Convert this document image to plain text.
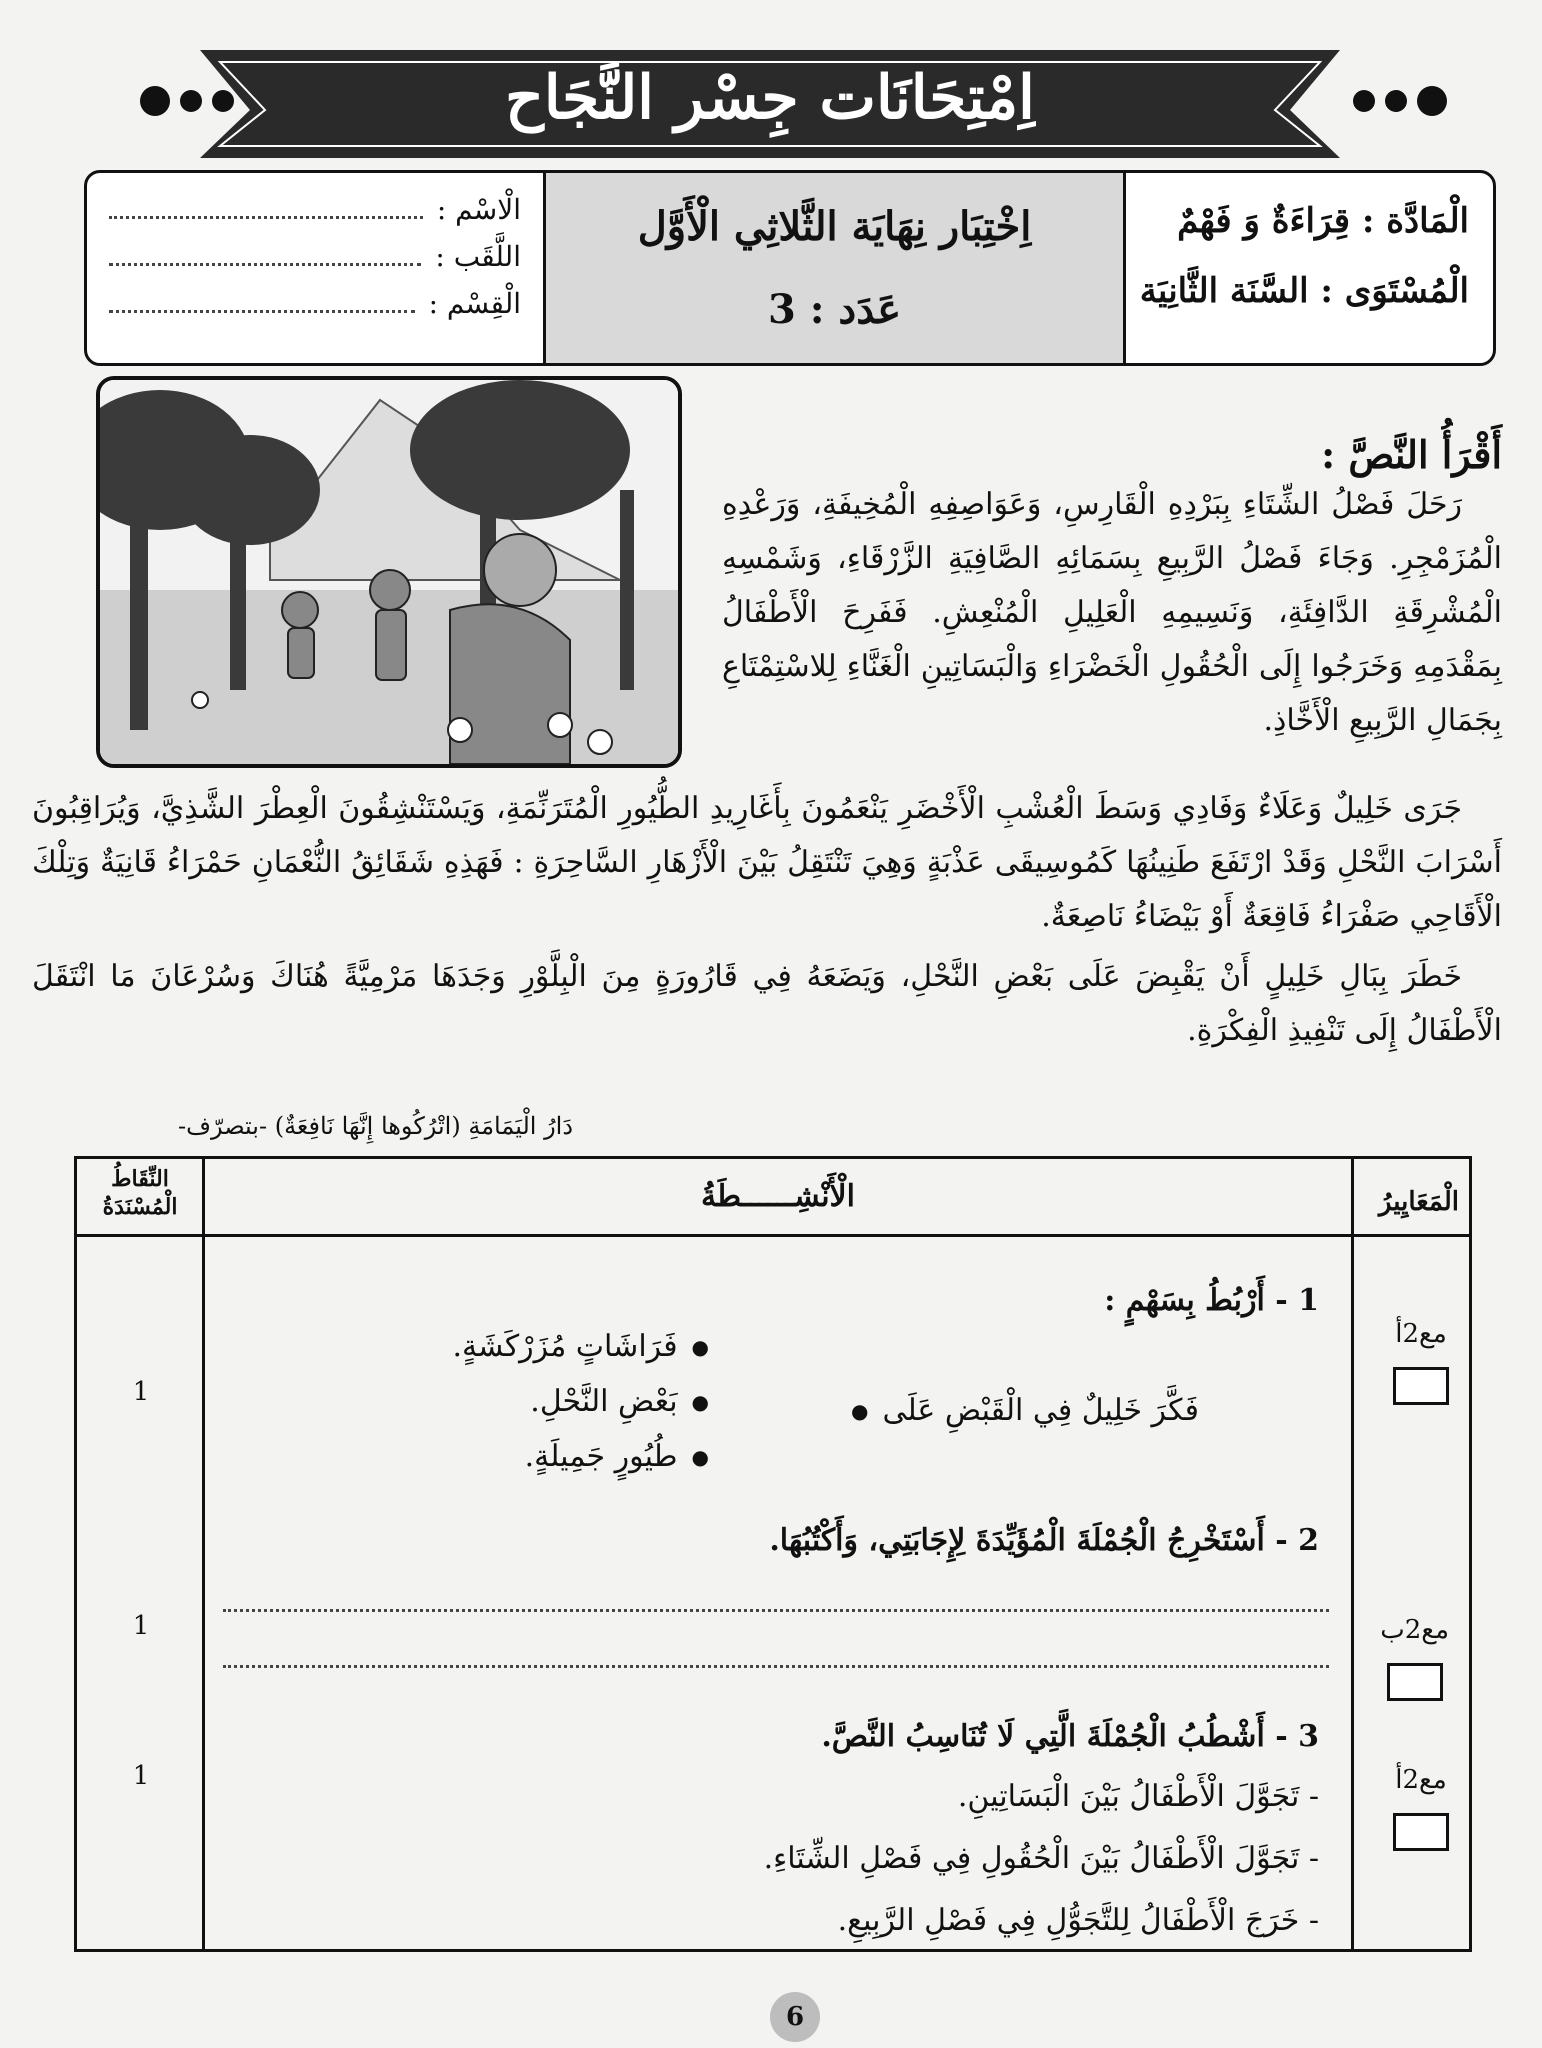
اِمْتِحَانَات جِسْر النَّجَاح
الْمَادَّة : قِرَاءَةٌ وَ فَهْمٌ
الْمُسْتَوَى : السَّنَة الثَّانِيَة
اِخْتِبَار نِهَايَة الثَّلاثِي الْأَوَّل
عَدَد : 3
الْاسْم :
اللَّقَب :
الْقِسْم :
أَقْرَأُ النَّصَّ :

رَحَلَ فَصْلُ الشِّتَاءِ بِبَرْدِهِ الْقَارِسِ، وَعَوَاصِفِهِ الْمُخِيفَةِ، وَرَعْدِهِ الْمُزَمْجِرِ. وَجَاءَ فَصْلُ الرَّبِيعِ بِسَمَائِهِ الصَّافِيَةِ الزَّرْقَاءِ، وَشَمْسِهِ الْمُشْرِقَةِ الدَّافِئَةِ، وَنَسِيمِهِ الْعَلِيلِ الْمُنْعِشِ. فَفَرِحَ الْأَطْفَالُ بِمَقْدَمِهِ وَخَرَجُوا إِلَى الْحُقُولِ الْخَضْرَاءِ وَالْبَسَاتِينِ الْغَنَّاءِ لِلاسْتِمْتَاعِ بِجَمَالِ الرَّبِيعِ الْأَخَّاذِ.

جَرَى خَلِيلٌ وَعَلَاءٌ وَفَادِي وَسَطَ الْعُشْبِ الْأَخْضَرِ يَنْعَمُونَ بِأَغَارِيدِ الطُّيُورِ الْمُتَرَنِّمَةِ، وَيَسْتَنْشِقُونَ الْعِطْرَ الشَّذِيَّ، وَيُرَاقِبُونَ أَسْرَابَ النَّحْلِ وَقَدْ ارْتَفَعَ طَنِينُهَا كَمُوسِيقَى عَذْبَةٍ وَهِيَ تَنْتَقِلُ بَيْنَ الْأَزْهَارِ السَّاحِرَةِ : فَهَذِهِ شَقَائِقُ النُّعْمَانِ حَمْرَاءُ قَانِيَةٌ وَتِلْكَ الْأَقَاحِي صَفْرَاءُ فَاقِعَةٌ أَوْ بَيْضَاءُ نَاصِعَةٌ.

خَطَرَ بِبَالِ خَلِيلٍ أَنْ يَقْبِضَ عَلَى بَعْضِ النَّحْلِ، وَيَضَعَهُ فِي قَارُورَةٍ مِنَ الْبِلَّوْرِ وَجَدَهَا مَرْمِيَّةً هُنَاكَ وَسُرْعَانَ مَا انْتَقَلَ الْأَطْفَالُ إِلَى تَنْفِيذِ الْفِكْرَةِ.

دَارُ الْيَمَامَةِ (اتْرُكُوها إِنَّهَا نَافِعَةٌ) -بتصرّف-
الْمَعَايِيرُ
الْأَنْشِــــــطَةُ
النِّقَاطُ الْمُسْنَدَةُ
مع2أ
1
1 - أَرْبُطُ بِسَهْمٍ :
فَكَّرَ خَلِيلٌ فِي الْقَبْضِ عَلَى ●
● فَرَاشَاتٍ مُزَرْكَشَةٍ.
● بَعْضِ النَّحْلِ.
● طُيُورٍ جَمِيلَةٍ.
2 - أَسْتَخْرِجُ الْجُمْلَةَ الْمُؤَيِّدَةَ لِإِجَابَتِي، وَأَكْتُبُهَا.
مع2ب
1
3 - أَشْطُبُ الْجُمْلَةَ الَّتِي لَا تُنَاسِبُ النَّصَّ.
- تَجَوَّلَ الْأَطْفَالُ بَيْنَ الْبَسَاتِينِ.
- تَجَوَّلَ الْأَطْفَالُ بَيْنَ الْحُقُولِ فِي فَصْلِ الشِّتَاءِ.
- خَرَجَ الْأَطْفَالُ لِلتَّجَوُّلِ فِي فَصْلِ الرَّبِيعِ.
مع2أ
1
6
